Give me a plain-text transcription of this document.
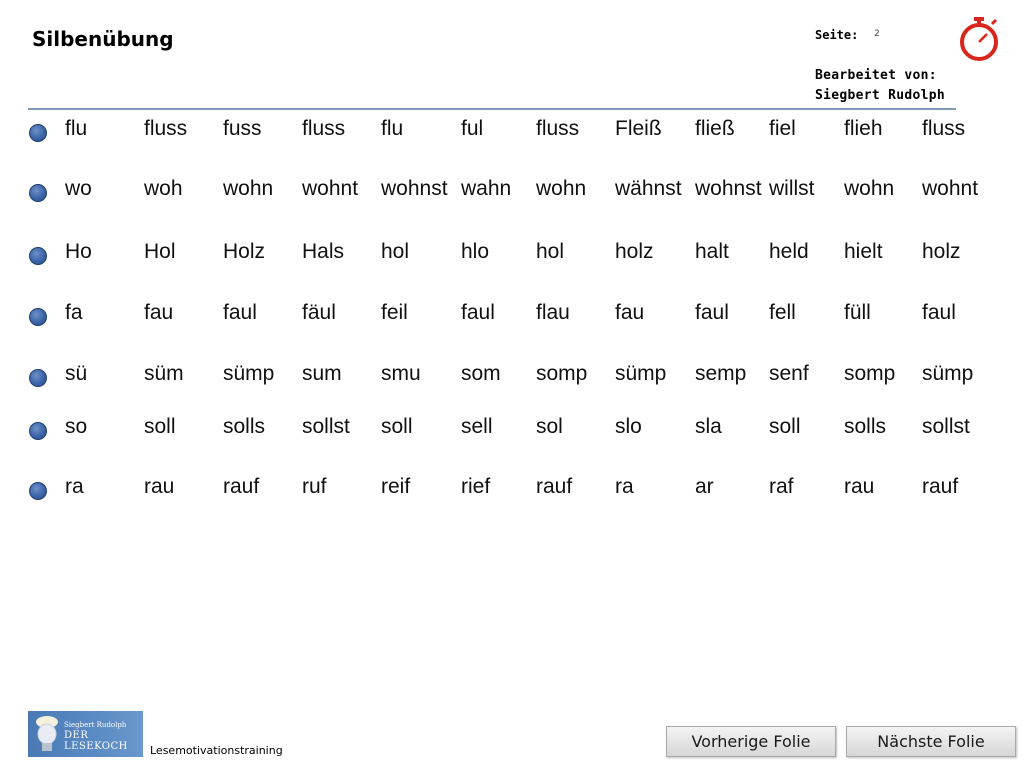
Silbenübung	Seite: 2
Bearbeitet von:
Siegbert Rudolph
flu	fluss fuss fluss flu	ful	fluss Fleiß fließ fiel flieh fluss
wo woh wohn wohnt wohnst wahn wohn wähnst wohnst willst wohn wohnt
Ho Hol Holz Hals hol hlo hol holz halt held hielt holz
fa	fau faul fäul feil	faul flau fau faul fell füll faul
sü	süm sümp sum smu som somp sümp semp senf somp sümp
so	soll solls sollst soll sell sol slo	sla soll solls sollst
ra	rau rauf ruf	reif rief rauf ra	ar	raf rau rauf
Siegbert Rudolph
DER LESEKOCH	Lesemotivationstraining	Vorherige Folie	Nächste Folie
